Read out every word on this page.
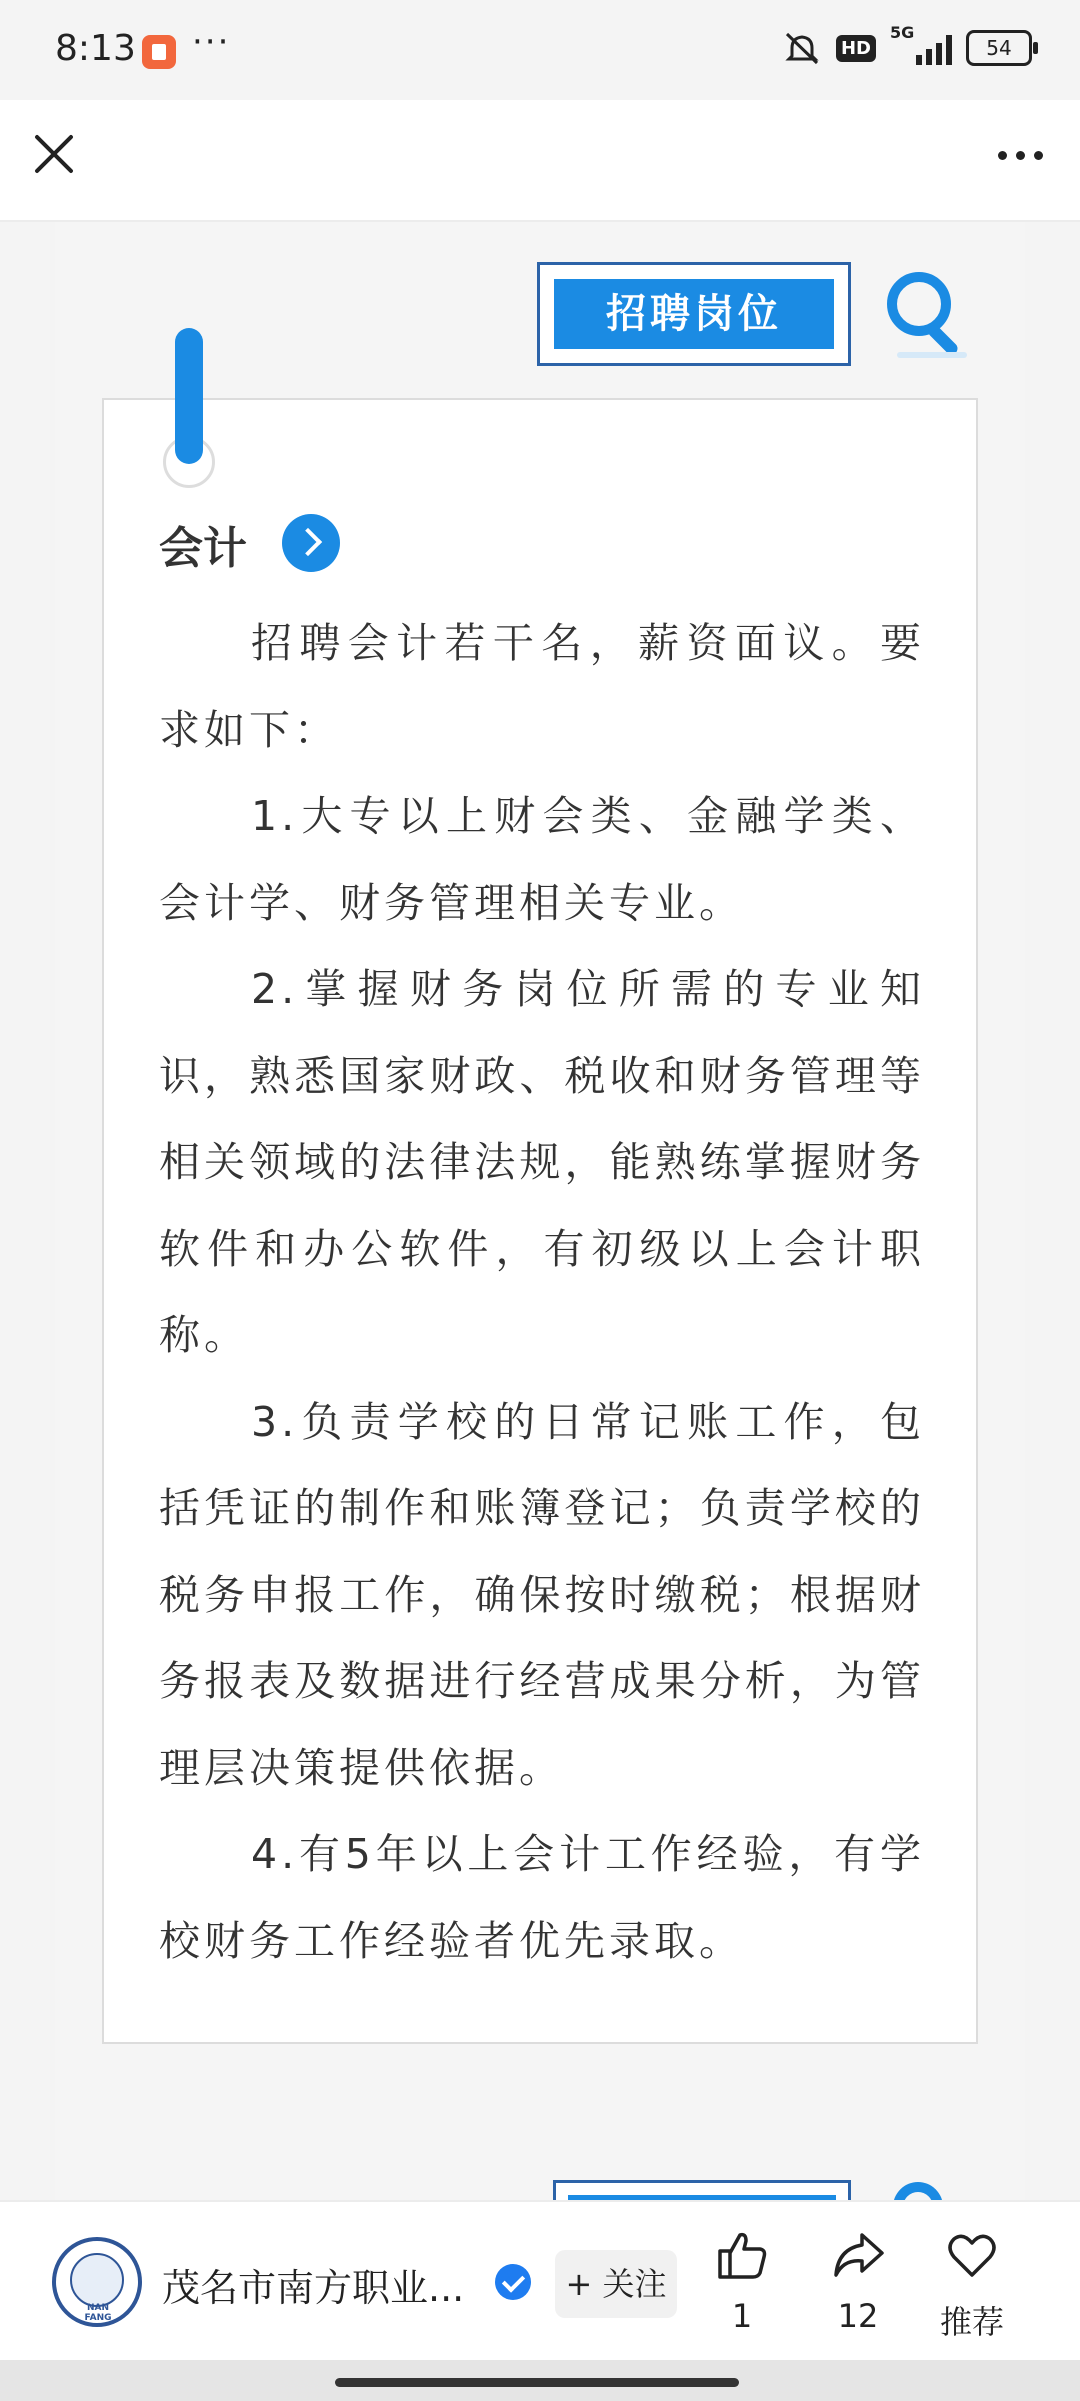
8:13 ···	HD
5G
54
招聘岗位
会计

招聘会计若干名，薪资面议。要求如下：

1.大专以上财会类、金融学类、会计学、财务管理相关专业。

2.掌握财务岗位所需的专业知识，熟悉国家财政、税收和财务管理等相关领域的法律法规，能熟练掌握财务软件和办公软件，有初级以上会计职称。

3.负责学校的日常记账工作，包括凭证的制作和账簿登记；负责学校的税务申报工作，确保按时缴税；根据财务报表及数据进行经营成果分析，为管理层决策提供依据。

4.有5年以上会计工作经验，有学校财务工作经验者优先录取。

NAN FANG
茂名市南方职业...	+ 关注
1	12	推荐
